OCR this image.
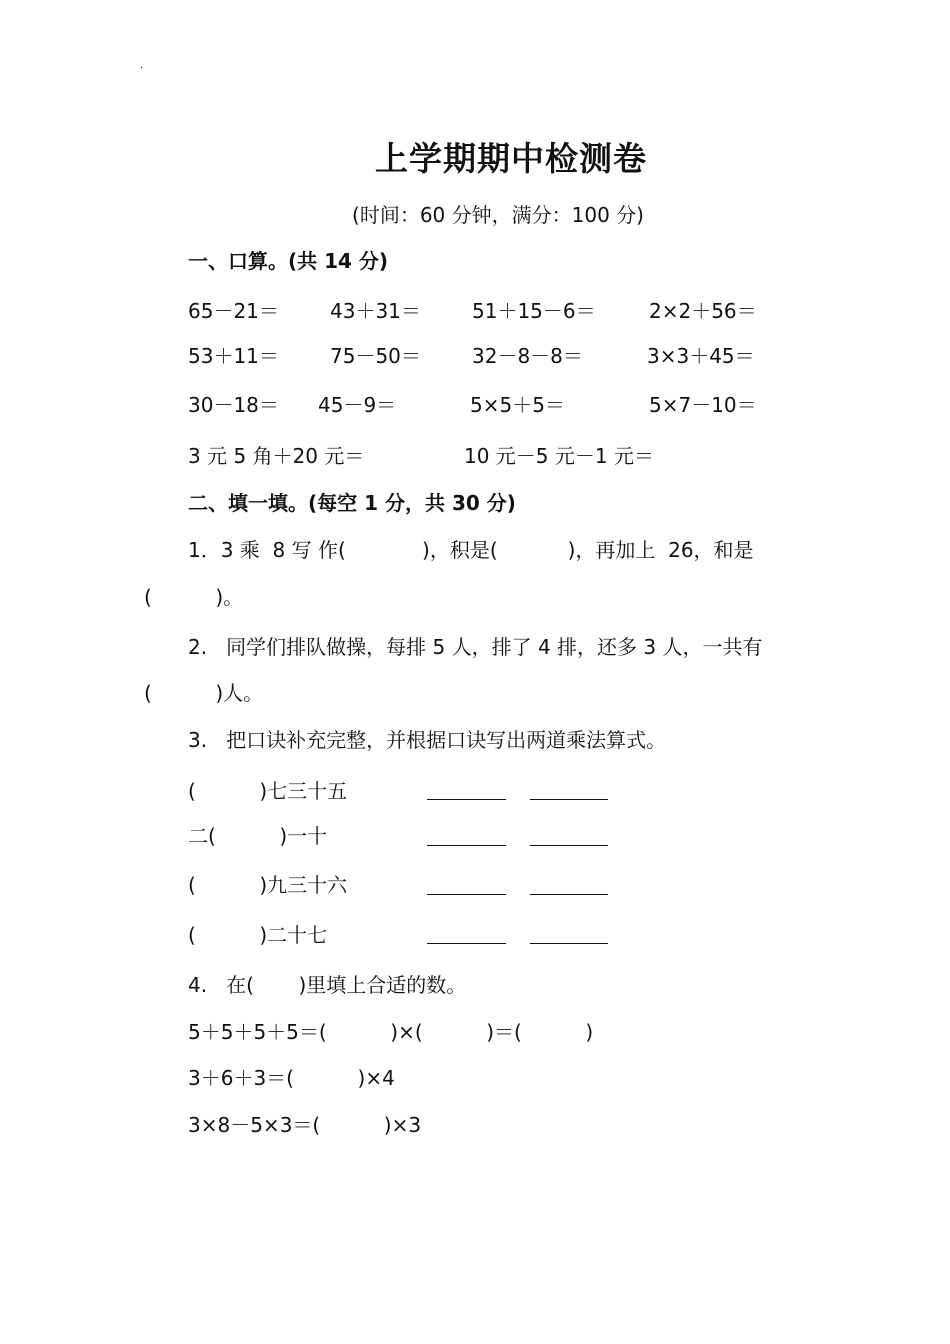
·
上学期期中检测卷
(时间：60 分钟，满分：100 分)
一、口算。(共 14 分)
65－21＝	43＋31＝	51＋15－6＝	2×2＋56＝
53＋11＝	75－50＝	32－8－8＝	3×3＋45＝
30－18＝ 45－9＝	5×5＋5＝	5×7－10＝
3 元 5 角＋20 元＝	10 元－5 元－1 元＝
二、填一填。(每空 1 分，共 30 分)
1．3 乘  8 写 作(            )，积是(           )，再加上  26，和是
(          )。
2.   同学们排队做操，每排 5 人，排了 4 排，还多 3 人，一共有
(          )人。
3.   把口诀补充完整，并根据口诀写出两道乘法算式。
(          )七三十五
二(          )一十
(          )九三十六
(          )二十七
4.   在(       )里填上合适的数。
5＋5＋5＋5＝(          )×(          )＝(          )
3＋6＋3＝(          )×4
3×8－5×3＝(          )×3
